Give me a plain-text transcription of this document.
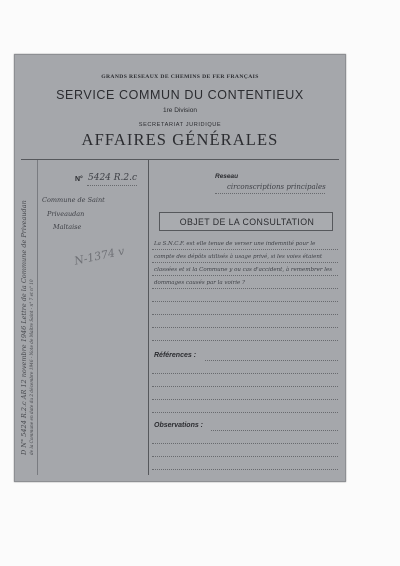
GRANDS RESEAUX DE CHEMINS DE FER FRANÇAIS
SERVICE COMMUN DU CONTENTIEUX
1re Division
SECRETARIAT JURIDIQUE
AFFAIRES GÉNÉRALES
N° 5424 R.2.c	Reseau
circonscriptions principales
Commune de Saint
Priveaudan
Maltaise
N-1374 v
OBJET DE LA CONSULTATION
La S.N.C.F. est elle tenue de verser une indemnité pour le
compte des dépôts utilisés à usage privé, si les voies étaient
classées et si la Commune y ou cas d'accident, à remembrer les
dommages causés par la voirie ?
Références :
Observations :
D N° 5424 R.2.c AR 12 novembre 1946 Lettre de la Commune de Priveaudan de la Commune en date du 2 décembre 1946 - Note de Maître Saint - n° 7 et n° 10
